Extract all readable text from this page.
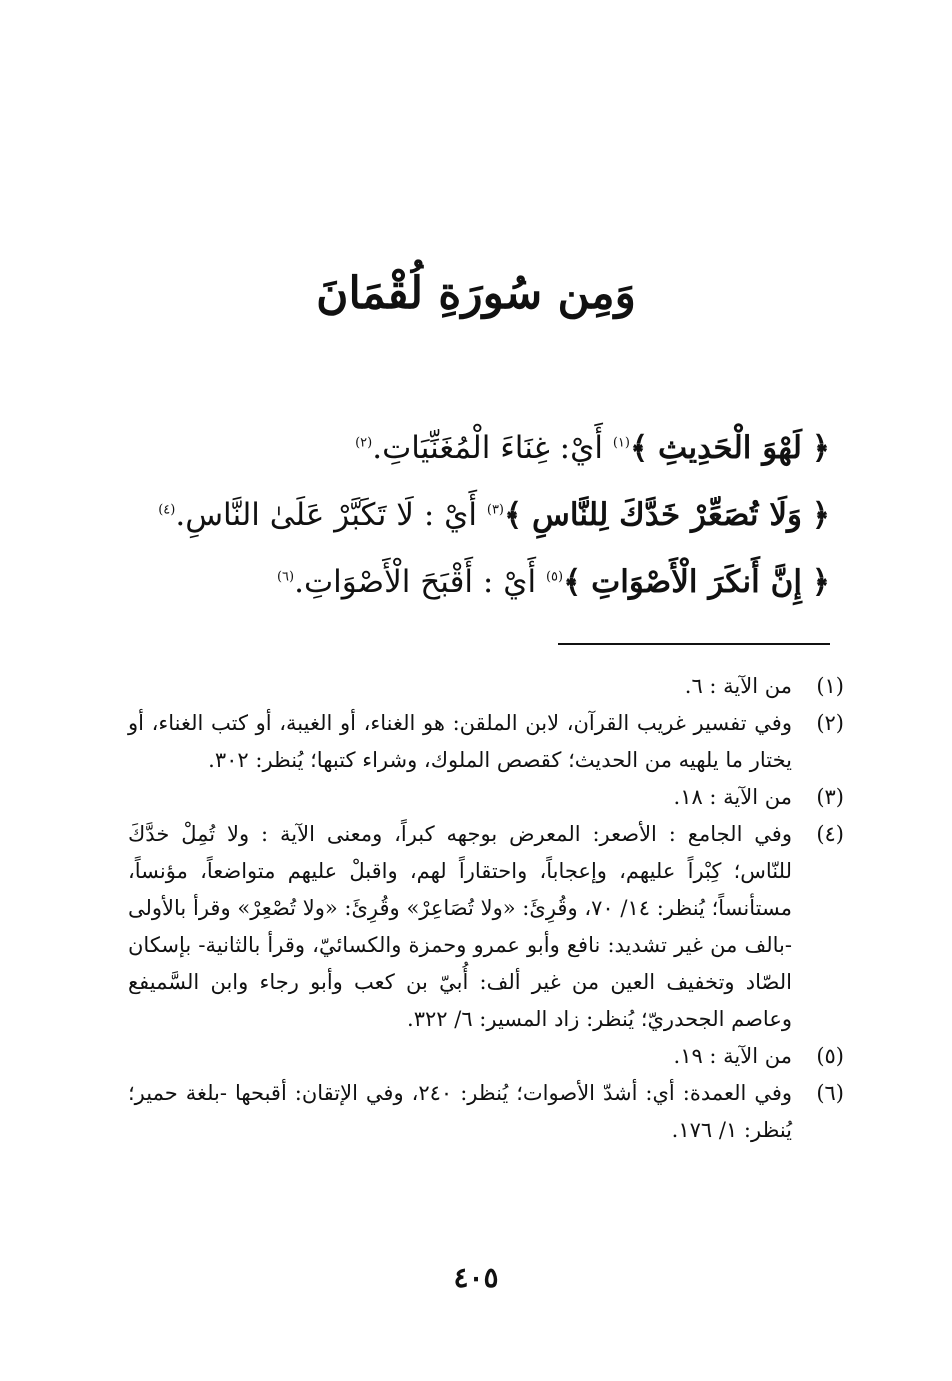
وَمِن سُورَةِ لُقْمَانَ

﴿ لَهْوَ الْحَدِيثِ ﴾$^{(١)}$ أَيْ: غِنَاءَ الْمُغَنِّيَاتِ.$^{(٢)}$

﴿ وَلَا تُصَعِّرْ خَدَّكَ لِلنَّاسِ ﴾$^{(٣)}$ أَيْ : لَا تَكَبَّرْ عَلَىٰ النَّاسِ.$^{(٤)}$

﴿ إِنَّ أَنكَرَ الْأَصْوَاتِ ﴾$^{(٥)}$ أَيْ : أَقْبَحَ الْأَصْوَاتِ.$^{(٦)}$

(١)
من الآية : ٦.

(٢)
وفي تفسير غريب القرآن، لابن الملقن: هو الغناء، أو الغيبة، أو كتب الغناء، أو يختار ما يلهيه من الحديث؛ كقصص الملوك، وشراء كتبها؛ يُنظر: ٣٠٢.

(٣)
من الآية : ١٨.

(٤)
وفي الجامع : الأصعر: المعرض بوجهه كبراً، ومعنى الآية : ولا تُمِلْ خدَّكَ للنّاس؛ كِبْراً عليهم، وإعجاباً، واحتقاراً لهم، واقبلْ عليهم متواضعاً، مؤنساً، مستأنساً؛ يُنظر: ١٤/ ٧٠، وقُرِئَ: «ولا تُصَاعِرْ» وقُرِئَ: «ولا تُصْعِرْ» وقرأ بالأولى -بالف من غير تشديد: نافع وأبو عمرو وحمزة والكسائيّ، وقرأ بالثانية- بإسكان الصّاد وتخفيف العين من غير ألف: أُبيّ بن كعب وأبو رجاء وابن السَّميفع وعاصم الجحدريّ؛ يُنظر: زاد المسير: ٦/ ٣٢٢.

(٥)
من الآية : ١٩.

(٦)
وفي العمدة: أي: أشدّ الأصوات؛ يُنظر: ٢٤٠، وفي الإتقان: أقبحها -بلغة حمير؛ يُنظر: ١/ ١٧٦.

٤٠٥
